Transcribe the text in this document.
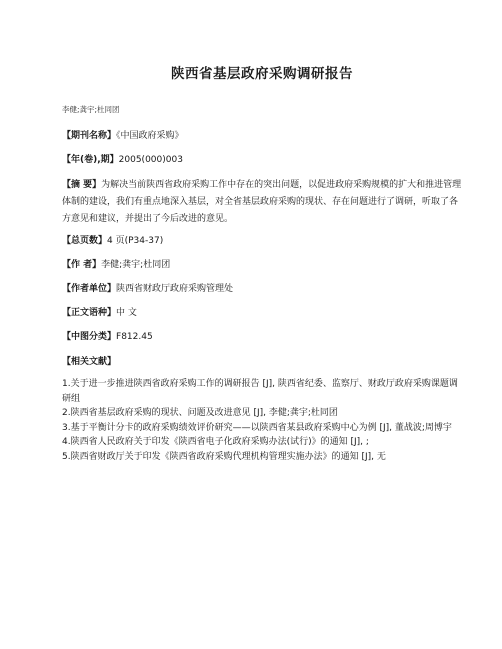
陕西省基层政府采购调研报告
李健;龚宇;杜同团
【期刊名称】《中国政府采购》
【年(卷),期】2005(000)003
【摘 要】为解决当前陕西省政府采购工作中存在的突出问题，以促进政府采购规模的扩大和推进管理体制的建设，我们有重点地深入基层，对全省基层政府采购的现状、存在问题进行了调研，听取了各方意见和建议，并提出了今后改进的意见。
【总页数】4 页(P34-37)
【作 者】李健;龚宇;杜同团
【作者单位】陕西省财政厅政府采购管理处
【正文语种】中 文
【中图分类】F812.45
【相关文献】
1.关于进一步推进陕西省政府采购工作的调研报告 [J], 陕西省纪委、监察厅、财政厅政府采购课题调研组
2.陕西省基层政府采购的现状、问题及改进意见 [J], 李健;龚宇;杜同团
3.基于平衡计分卡的政府采购绩效评价研究——以陕西省某县政府采购中心为例 [J], 董战波;周博宇
4.陕西省人民政府关于印发《陕西省电子化政府采购办法(试行)》的通知 [J], ;
5.陕西省财政厅关于印发《陕西省政府采购代理机构管理实施办法》的通知 [J], 无
